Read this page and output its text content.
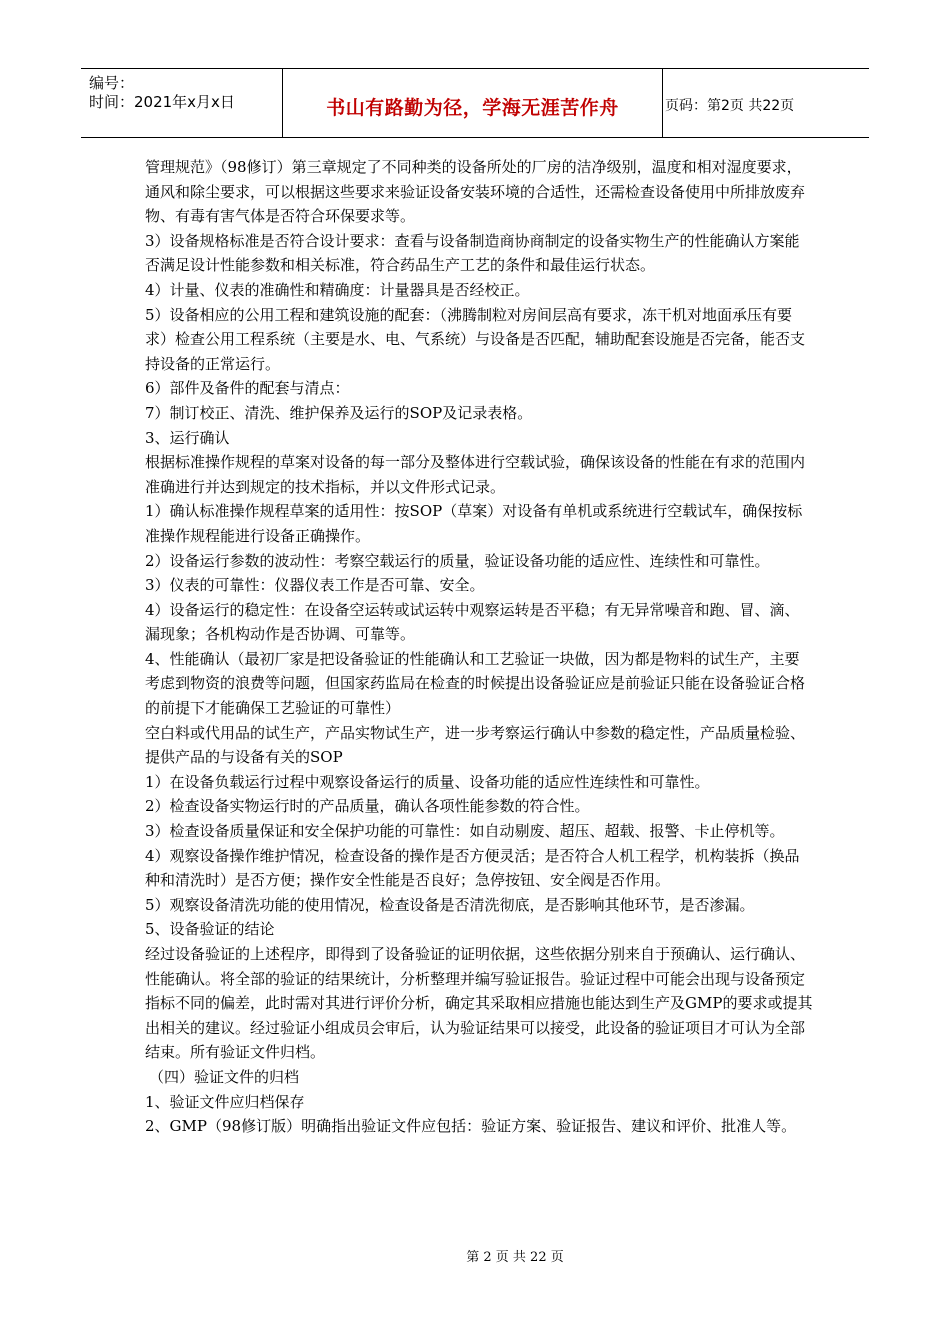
编号：
时间：2021年x月x日	书山有路勤为径，学海无涯苦作舟	页码：第2页 共22页

管理规范》（98修订）第三章规定了不同种类的设备所处的厂房的洁净级别，温度和相对湿度要求，通风和除尘要求，可以根据这些要求来验证设备安装环境的合适性，还需检查设备使用中所排放废弃物、有毒有害气体是否符合环保要求等。

3）设备规格标准是否符合设计要求：查看与设备制造商协商制定的设备实物生产的性能确认方案能否满足设计性能参数和相关标准，符合药品生产工艺的条件和最佳运行状态。

4）计量、仪表的准确性和精确度：计量器具是否经校正。

5）设备相应的公用工程和建筑设施的配套：（沸腾制粒对房间层高有要求，冻干机对地面承压有要求）检查公用工程系统（主要是水、电、气系统）与设备是否匹配，辅助配套设施是否完备，能否支持设备的正常运行。

6）部件及备件的配套与清点：

7）制订校正、清洗、维护保养及运行的SOP及记录表格。

3、运行确认

根据标准操作规程的草案对设备的每一部分及整体进行空载试验，确保该设备的性能在有求的范围内准确进行并达到规定的技术指标，并以文件形式记录。

1）确认标准操作规程草案的适用性：按SOP（草案）对设备有单机或系统进行空载试车，确保按标准操作规程能进行设备正确操作。

2）设备运行参数的波动性：考察空载运行的质量，验证设备功能的适应性、连续性和可靠性。

3）仪表的可靠性：仪器仪表工作是否可靠、安全。

4）设备运行的稳定性：在设备空运转或试运转中观察运转是否平稳；有无异常噪音和跑、冒、滴、漏现象；各机构动作是否协调、可靠等。

4、性能确认（最初厂家是把设备验证的性能确认和工艺验证一块做，因为都是物料的试生产，主要考虑到物资的浪费等问题，但国家药监局在检查的时候提出设备验证应是前验证只能在设备验证合格的前提下才能确保工艺验证的可靠性）

空白料或代用品的试生产，产品实物试生产，进一步考察运行确认中参数的稳定性，产品质量检验、提供产品的与设备有关的SOP

1）在设备负载运行过程中观察设备运行的质量、设备功能的适应性连续性和可靠性。

2）检查设备实物运行时的产品质量，确认各项性能参数的符合性。

3）检查设备质量保证和安全保护功能的可靠性：如自动剔废、超压、超载、报警、卡止停机等。

4）观察设备操作维护情况，检查设备的操作是否方便灵活；是否符合人机工程学，机构装拆（换品种和清洗时）是否方便；操作安全性能是否良好；急停按钮、安全阀是否作用。

5）观察设备清洗功能的使用情况，检查设备是否清洗彻底，是否影响其他环节，是否渗漏。

5、设备验证的结论

经过设备验证的上述程序，即得到了设备验证的证明依据，这些依据分别来自于预确认、运行确认、性能确认。将全部的验证的结果统计，分析整理并编写验证报告。验证过程中可能会出现与设备预定指标不同的偏差，此时需对其进行评价分析，确定其采取相应措施也能达到生产及GMP的要求或提其出相关的建议。经过验证小组成员会审后，认为验证结果可以接受，此设备的验证项目才可认为全部结束。所有验证文件归档。

（四）验证文件的归档

1、验证文件应归档保存

2、GMP（98修订版）明确指出验证文件应包括：验证方案、验证报告、建议和评价、批准人等。

第 2 页 共 22 页
